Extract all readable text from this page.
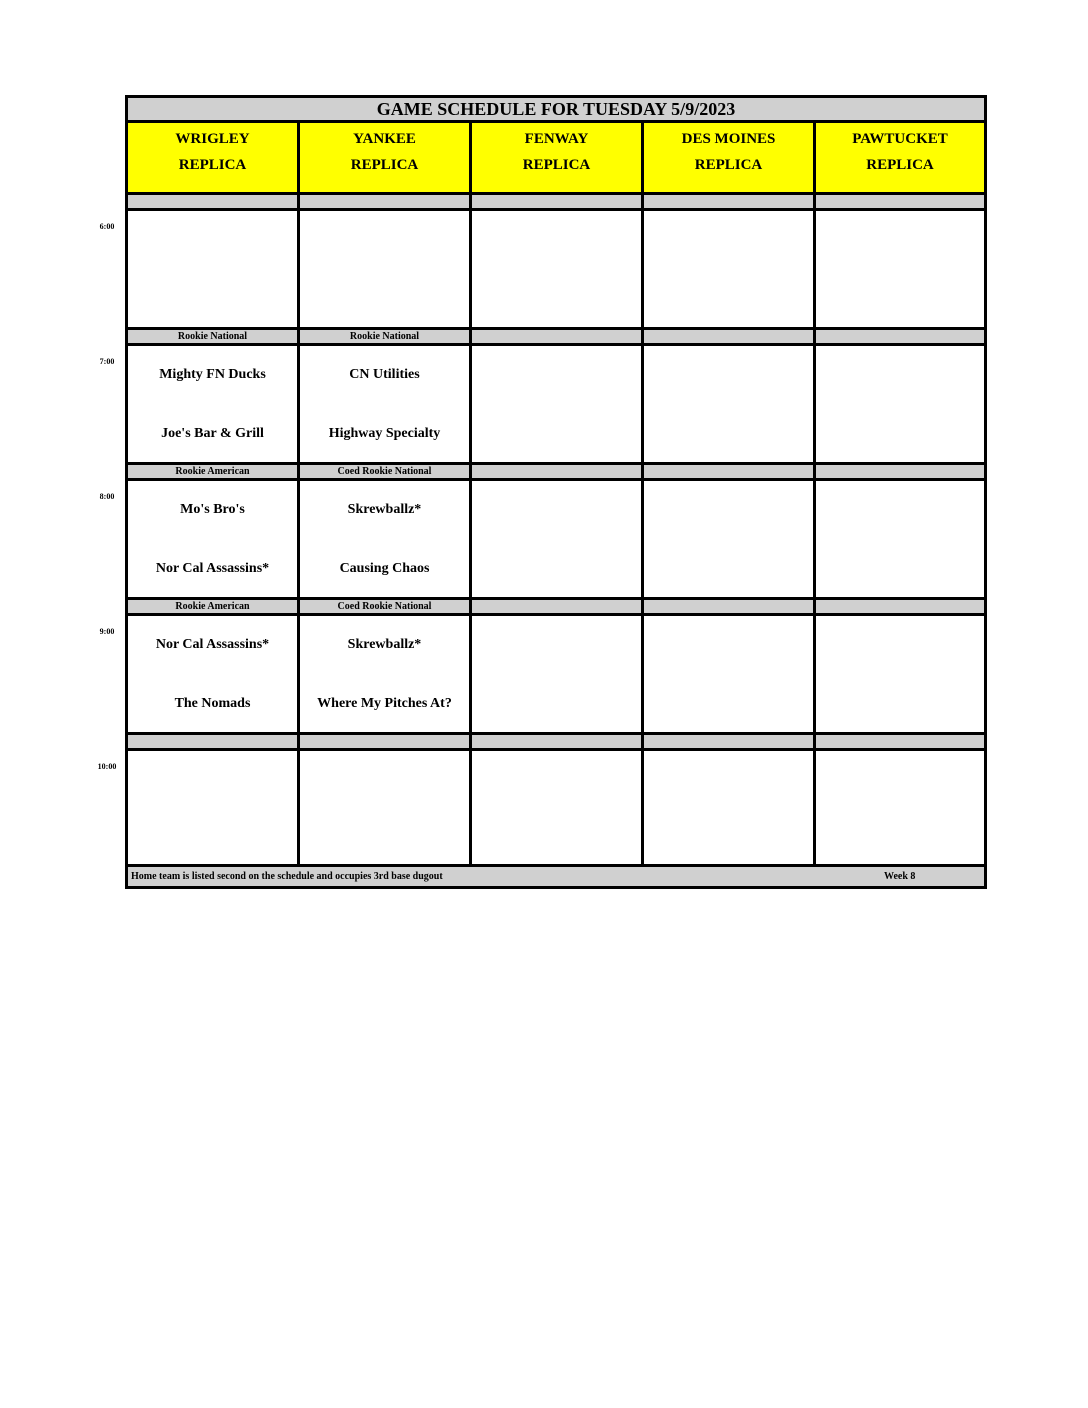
6:00
7:00
8:00
9:00
10:00
GAME SCHEDULE FOR TUESDAY 5/9/2023
WRIGLEY
REPLICA
YANKEE
REPLICA
FENWAY
REPLICA
DES MOINES
REPLICA
PAWTUCKET
REPLICA
Rookie National
Mighty FN Ducks
Joe's Bar & Grill
Rookie National
CN Utilities
Highway Specialty
Rookie American
Mo's Bro's
Nor Cal Assassins*
Coed Rookie National
Skrewballz*
Causing Chaos
Rookie American
Nor Cal Assassins*
The Nomads
Coed Rookie National
Skrewballz*
Where My Pitches At?
Home team is listed second on the schedule and occupies 3rd base dugout	Week 8
